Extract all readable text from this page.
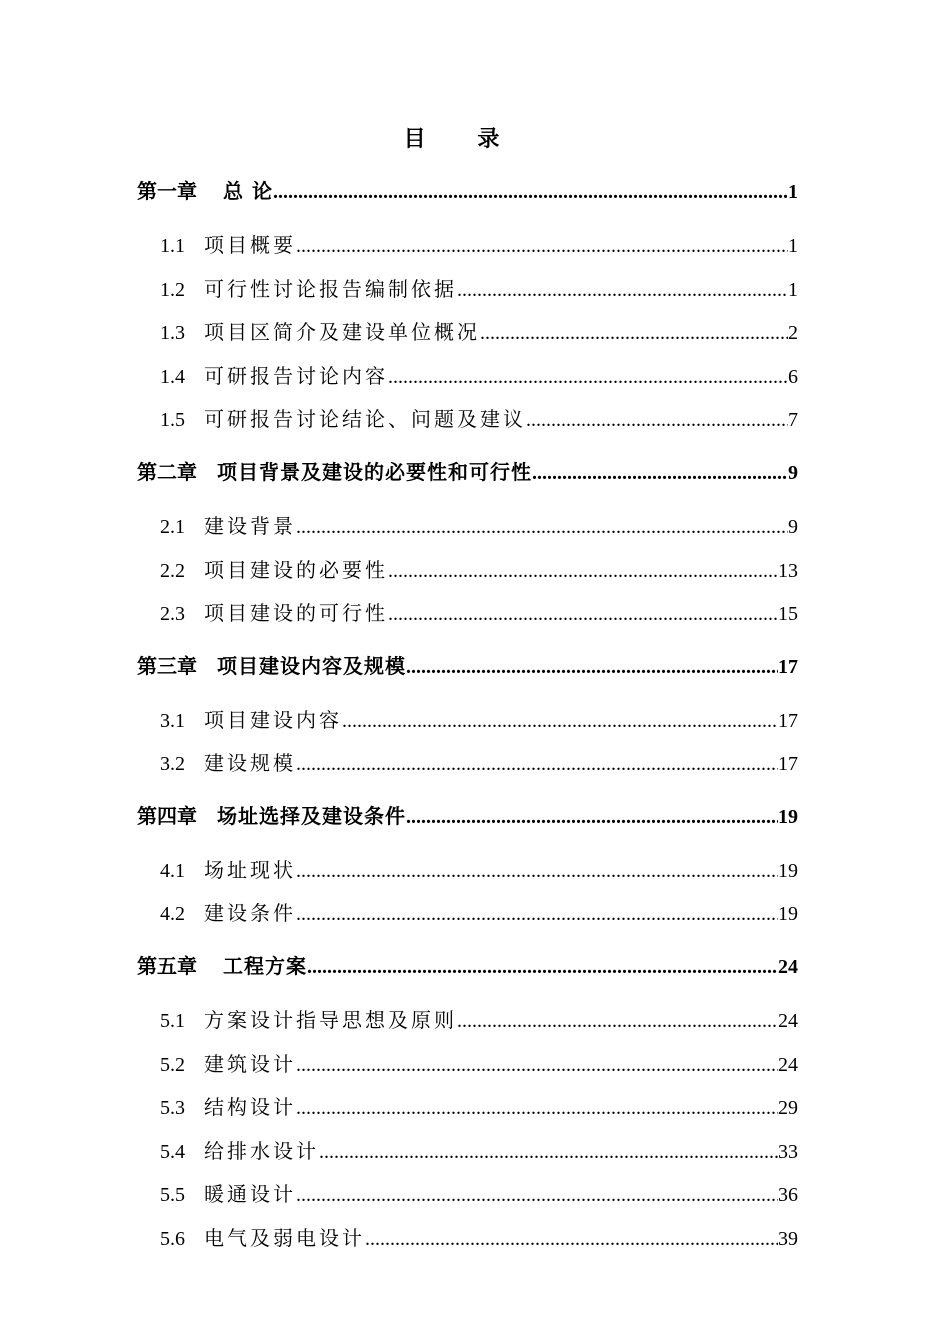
目 录
第一章 总 论 .....	1
1.1 项目概要 .....	1
1.2 可行性讨论报告编制依据 .....	1
1.3 项目区简介及建设单位概况 .....	2
1.4 可研报告讨论内容 .....	6
1.5 可研报告讨论结论、问题及建议 .....	7
第二章 项目背景及建设的必要性和可行性 .....	9
2.1 建设背景 .....	9
2.2 项目建设的必要性 .....	13
2.3 项目建设的可行性 .....	15
第三章 项目建设内容及规模 .....	17
3.1 项目建设内容 .....	17
3.2 建设规模 .....	17
第四章 场址选择及建设条件 .....	19
4.1 场址现状 .....	19
4.2 建设条件 .....	19
第五章 工程方案 .....	24
5.1 方案设计指导思想及原则 .....	24
5.2 建筑设计 .....	24
5.3 结构设计 .....	29
5.4 给排水设计 .....	33
5.5 暖通设计 .....	36
5.6 电气及弱电设计 .....	39
